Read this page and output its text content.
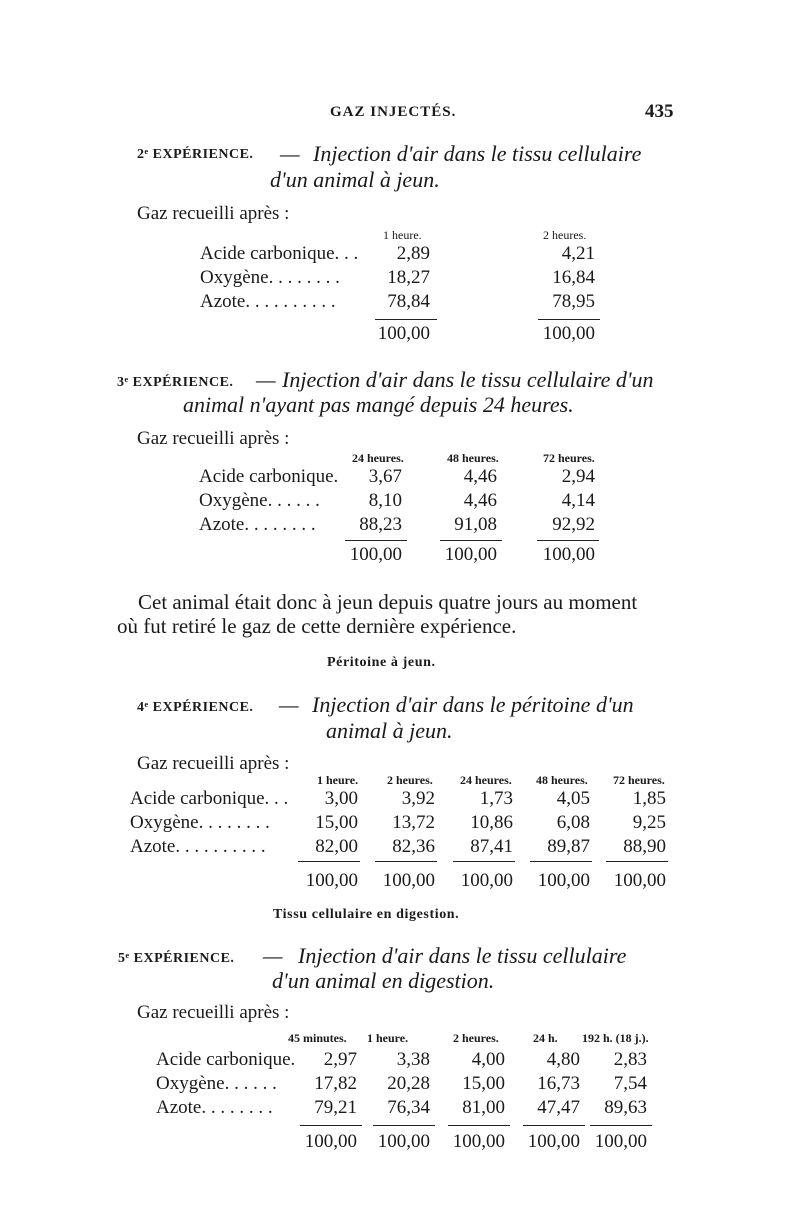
GAZ INJECTÉS.	435
2ᵉ EXPÉRIENCE. — Injection d'air dans le tissu cellulaire
d'un animal à jeun.
Gaz recueilli après :
1 heure.	2 heures.
Acide carbonique. . .	2,89	4,21
Oxygène. . . . . . . .	18,27	16,84
Azote. . . . . . . . . .	78,84	78,95
100,00	100,00
3ᵉ EXPÉRIENCE. — Injection d'air dans le tissu cellulaire d'un
animal n'ayant pas mangé depuis 24 heures.
Gaz recueilli après :
24 heures.	48 heures.	72 heures.
Acide carbonique.	3,67	4,46	2,94
Oxygène. . . . . .	8,10	4,46	4,14
Azote. . . . . . . .	88,23	91,08	92,92
100,00	100,00	100,00
Cet animal était donc à jeun depuis quatre jours au moment
où fut retiré le gaz de cette dernière expérience.
Péritoine à jeun.
4ᵉ EXPÉRIENCE. — Injection d'air dans le péritoine d'un
animal à jeun.
Gaz recueilli après :
1 heure. 2 heures. 24 heures. 48 heures. 72 heures.
Acide carbonique. . .	3,00	3,92	1,73	4,05	1,85
Oxygène. . . . . . . .	15,00	13,72	10,86	6,08	9,25
Azote. . . . . . . . . .	82,00	82,36	87,41	89,87	88,90
100,00	100,00	100,00	100,00	100,00
Tissu cellulaire en digestion.
5ᵉ EXPÉRIENCE. — Injection d'air dans le tissu cellulaire
d'un animal en digestion.
Gaz recueilli après :
45 minutes. 1 heure.	2 heures.	24 h. 192 h. (18 j.).
Acide carbonique.	2,97	3,38	4,00	4,80	2,83
Oxygène. . . . . .	17,82	20,28	15,00	16,73	7,54
Azote. . . . . . . .	79,21	76,34	81,00	47,47	89,63
100,00	100,00	100,00	100,00 100,00
